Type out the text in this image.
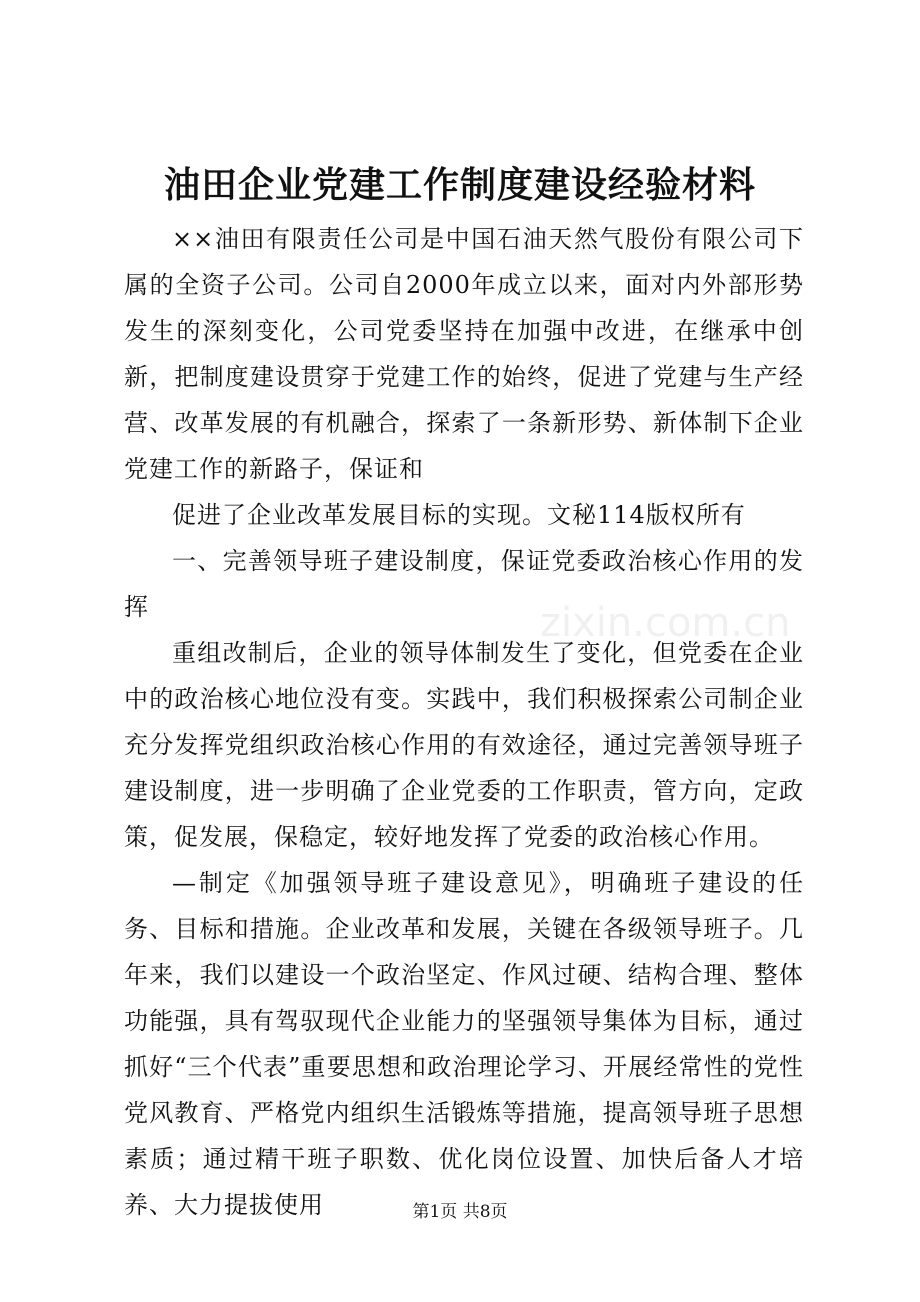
油田企业党建工作制度建设经验材料

××油田有限责任公司是中国石油天然气股份有限公司下属的全资子公司。公司自2000年成立以来，面对内外部形势发生的深刻变化，公司党委坚持在加强中改进，在继承中创新，把制度建设贯穿于党建工作的始终，促进了党建与生产经营、改革发展的有机融合，探索了一条新形势、新体制下企业党建工作的新路子，保证和

促进了企业改革发展目标的实现。文秘114版权所有

一、完善领导班子建设制度，保证党委政治核心作用的发挥

重组改制后，企业的领导体制发生了变化，但党委在企业中的政治核心地位没有变。实践中，我们积极探索公司制企业充分发挥党组织政治核心作用的有效途径，通过完善领导班子建设制度，进一步明确了企业党委的工作职责，管方向，定政策，促发展，保稳定，较好地发挥了党委的政治核心作用。

—制定《加强领导班子建设意见》，明确班子建设的任务、目标和措施。企业改革和发展，关键在各级领导班子。几年来，我们以建设一个政治坚定、作风过硬、结构合理、整体功能强，具有驾驭现代企业能力的坚强领导集体为目标，通过抓好“三个代表”重要思想和政治理论学习、开展经常性的党性党风教育、严格党内组织生活锻炼等措施，提高领导班子思想素质；通过精干班子职数、优化岗位设置、加快后备人才培养、大力提拔使用

zixin.com.cn
第1页 共8页
